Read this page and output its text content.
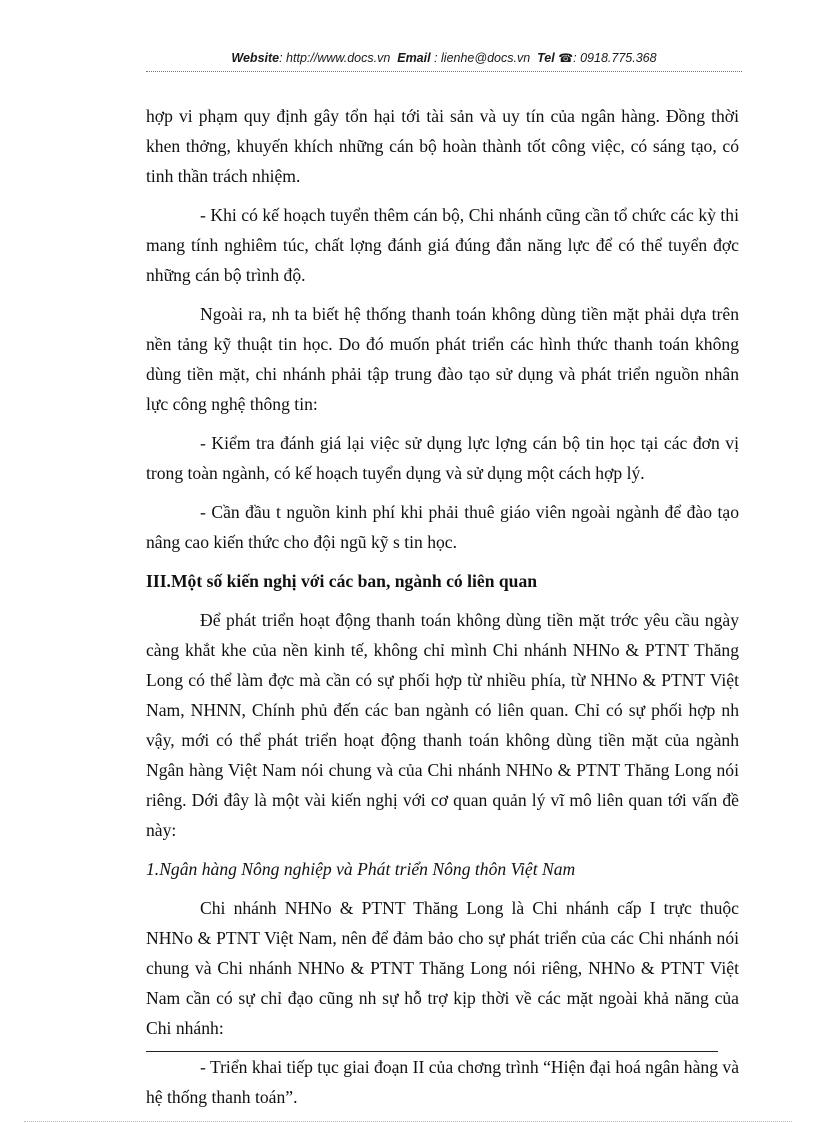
Website: http://www.docs.vn Email : lienhe@docs.vn Tel ☎: 0918.775.368

hợp vi phạm quy định gây tổn hại tới tài sản và uy tín của ngân hàng. Đồng thời khen thởng, khuyến khích những cán bộ hoàn thành tốt công việc, có sáng tạo, có tinh thần trách nhiệm.

- Khi có kế hoạch tuyển thêm cán bộ, Chi nhánh cũng cần tổ chức các kỳ thi mang tính nghiêm túc, chất lợng đánh giá đúng đắn năng lực để có thể tuyển đợc những cán bộ trình độ.

Ngoài ra, nh ta biết hệ thống thanh toán không dùng tiền mặt phải dựa trên nền tảng kỹ thuật tin học. Do đó muốn phát triển các hình thức thanh toán không dùng tiền mặt, chi nhánh phải tập trung đào tạo sử dụng và phát triển nguồn nhân lực công nghệ thông tin:

- Kiểm tra đánh giá lại việc sử dụng lực lợng cán bộ tin học tại các đơn vị trong toàn ngành, có kế hoạch tuyển dụng và sử dụng một cách hợp lý.

- Cần đầu t nguồn kinh phí khi phải thuê giáo viên ngoài ngành để đào tạo nâng cao kiến thức cho đội ngũ kỹ s tin học.

III.Một số kiến nghị với các ban, ngành có liên quan

Để phát triển hoạt động thanh toán không dùng tiền mặt trớc yêu cầu ngày càng khắt khe của nền kinh tế, không chỉ mình Chi nhánh NHNo & PTNT Thăng Long có thể làm đợc mà cần có sự phối hợp từ nhiều phía, từ NHNo & PTNT Việt Nam, NHNN, Chính phủ đến các ban ngành có liên quan. Chỉ có sự phối hợp nh vậy, mới có thể phát triển hoạt động thanh toán không dùng tiền mặt của ngành Ngân hàng Việt Nam nói chung và của Chi nhánh NHNo & PTNT Thăng Long nói riêng. Dới đây là một vài kiến nghị với cơ quan quản lý vĩ mô liên quan tới vấn đề này:

1.Ngân hàng Nông nghiệp và Phát triển Nông thôn Việt Nam

Chi nhánh NHNo & PTNT Thăng Long là Chi nhánh cấp I trực thuộc NHNo & PTNT Việt Nam, nên để đảm bảo cho sự phát triển của các Chi nhánh nói chung và Chi nhánh NHNo & PTNT Thăng Long nói riêng, NHNo & PTNT Việt Nam cần có sự chỉ đạo cũng nh sự hỗ trợ kịp thời về các mặt ngoài khả năng của Chi nhánh:

- Triển khai tiếp tục giai đoạn II của chơng trình “Hiện đại hoá ngân hàng và hệ thống thanh toán”.
